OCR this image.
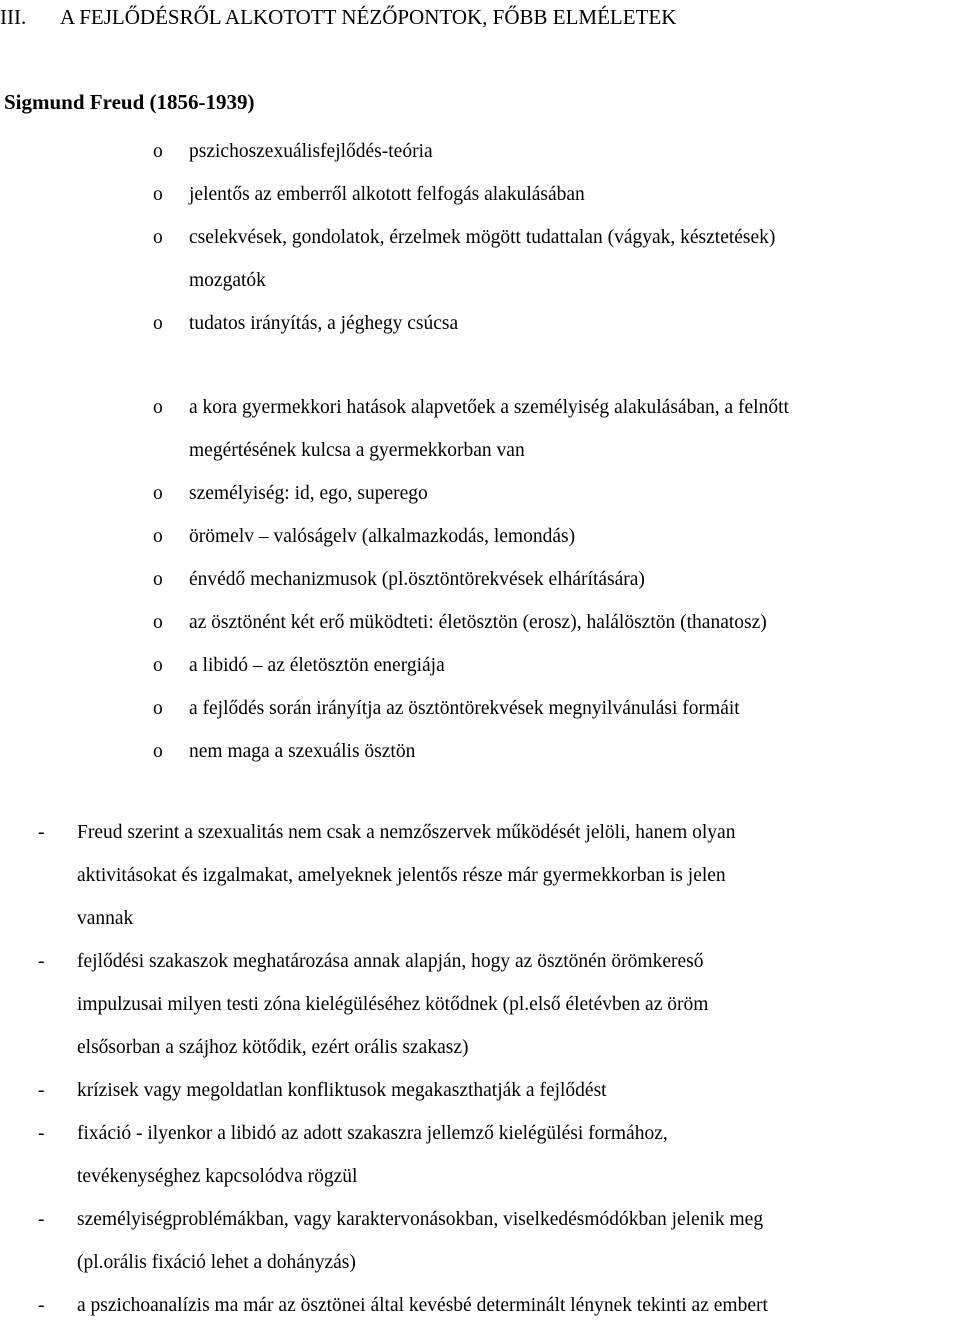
III. A FEJLŐDÉSRŐL ALKOTOTT NÉZŐPONTOK, FŐBB ELMÉLETEK
Sigmund Freud (1856-1939)
o pszichoszexuálisfejlődés-teória
o jelentős az emberről alkotott felfogás alakulásában
o cselekvések, gondolatok, érzelmek mögött tudattalan (vágyak, késztetések)
mozgatók
o tudatos irányítás, a jéghegy csúcsa
o a kora gyermekkori hatások alapvetőek a személyiség alakulásában, a felnőtt
megértésének kulcsa a gyermekkorban van
o személyiség: id, ego, superego
o örömelv – valóságelv (alkalmazkodás, lemondás)
o énvédő mechanizmusok (pl.ösztöntörekvések elhárítására)
o az ösztönént két erő müködteti: életösztön (erosz), halálösztön (thanatosz)
o a libidó – az életösztön energiája
o a fejlődés során irányítja az ösztöntörekvések megnyilvánulási formáit
o nem maga a szexuális ösztön
- Freud szerint a szexualitás nem csak a nemzőszervek működését jelöli, hanem olyan
aktivitásokat és izgalmakat, amelyeknek jelentős része már gyermekkorban is jelen
vannak
- fejlődési szakaszok meghatározása annak alapján, hogy az ösztönén örömkereső
impulzusai milyen testi zóna kielégüléséhez kötődnek (pl.első életévben az öröm
elsősorban a szájhoz kötődik, ezért orális szakasz)
- krízisek vagy megoldatlan konfliktusok megakaszthatják a fejlődést
- fixáció - ilyenkor a libidó az adott szakaszra jellemző kielégülési formához,
tevékenységhez kapcsolódva rögzül
- személyiségproblémákban, vagy karaktervonásokban, viselkedésmódókban jelenik meg
(pl.orális fixáció lehet a dohányzás)
- a pszichoanalízis ma már az ösztönei által kevésbé determinált lénynek tekinti az embert
